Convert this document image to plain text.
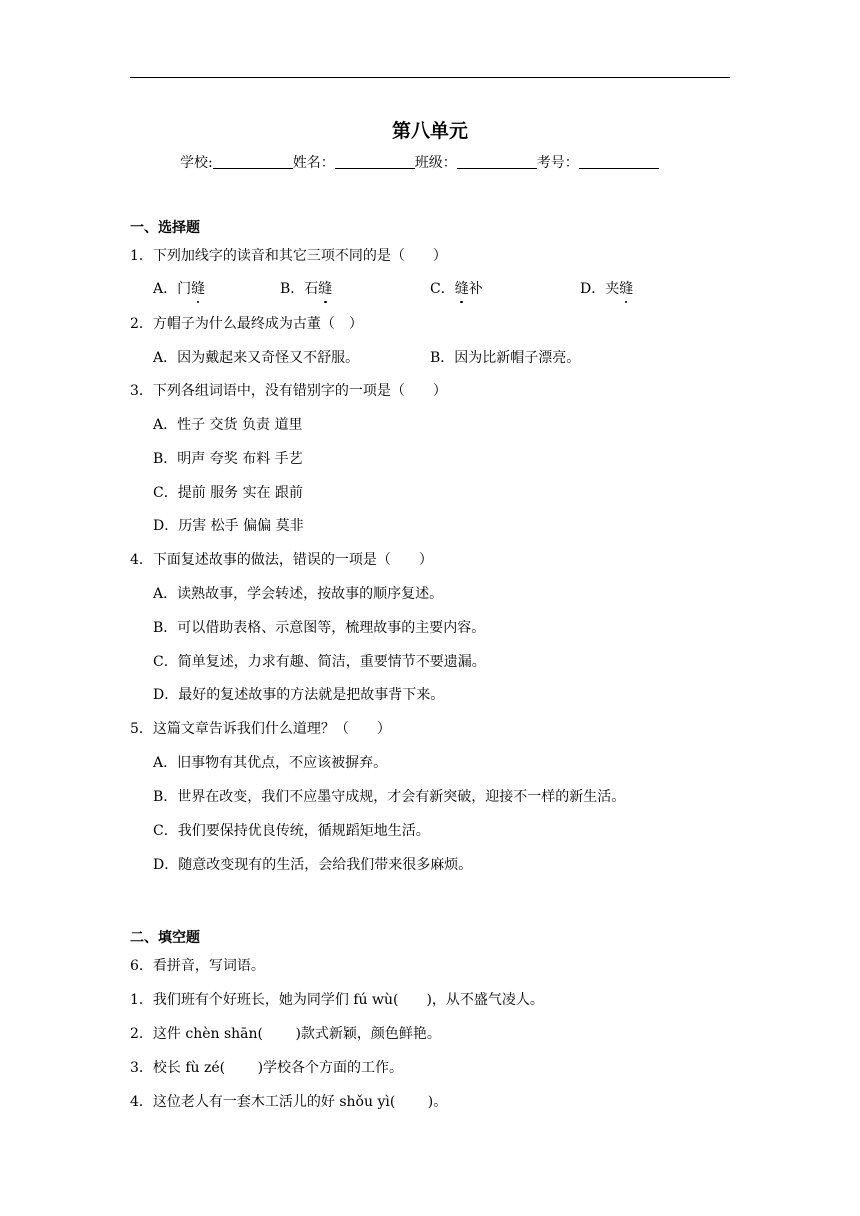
第八单元
学校:	姓名：	班级：	考号：
一、选择题
1．下列加线字的读音和其它三项不同的是（　　）
A．门缝	B．石缝	C．缝补	D．夹缝
2．方帽子为什么最终成为古董（　）
A．因为戴起来又奇怪又不舒服。	B．因为比新帽子漂亮。
3．下列各组词语中，没有错别字的一项是（　　）
A．性子 交货 负责 道里
B．明声 夸奖 布料 手艺
C．提前 服务 实在 跟前
D．历害 松手 偏偏 莫非
4．下面复述故事的做法，错误的一项是（　　）
A．读熟故事，学会转述，按故事的顺序复述。
B．可以借助表格、示意图等，梳理故事的主要内容。
C．简单复述，力求有趣、简洁，重要情节不要遗漏。
D．最好的复述故事的方法就是把故事背下来。
5．这篇文章告诉我们什么道理？（　　）
A．旧事物有其优点，不应该被摒弃。
B．世界在改变，我们不应墨守成规，才会有新突破，迎接不一样的新生活。
C．我们要保持优良传统，循规蹈矩地生活。
D．随意改变现有的生活，会给我们带来很多麻烦。
二、填空题
6．看拼音，写词语。
1．我们班有个好班长，她为同学们 fú wù(　　)，从不盛气凌人。
2．这件 chèn shān(　　 )款式新颖，颜色鲜艳。
3．校长 fù zé(　　 )学校各个方面的工作。
4．这位老人有一套木工活儿的好 shǒu yì(　　 )。
